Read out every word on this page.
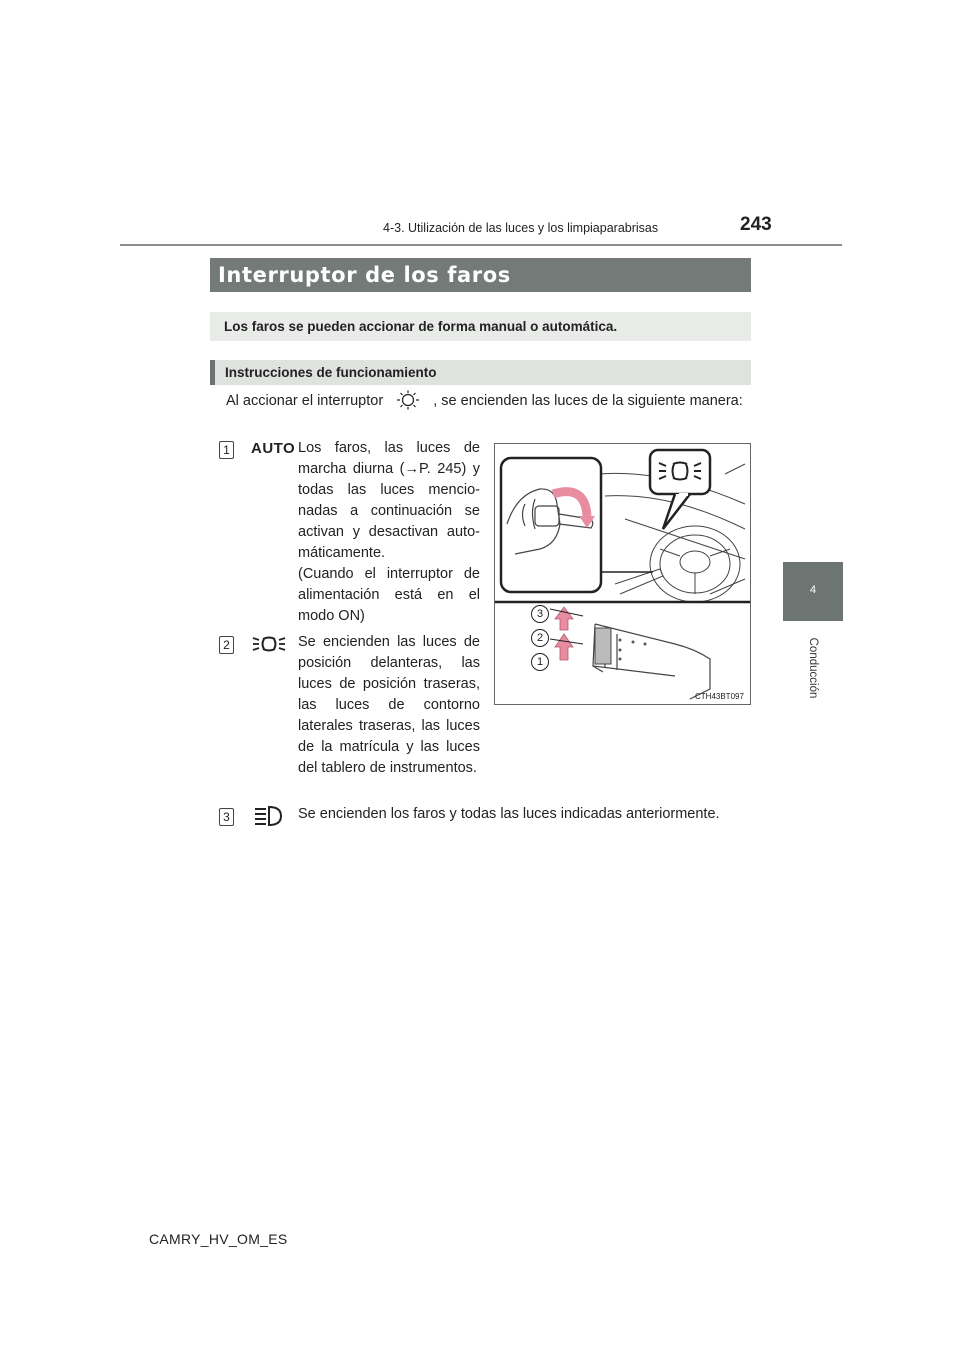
4-3. Utilización de las luces y los limpiaparabrisas	243
4
Conducción
Interruptor de los faros
Los faros se pueden accionar de forma manual o automática.
Instrucciones de funcionamiento
Al accionar el interruptor	, se encienden las luces de la siguiente manera:
1 AUTO Los faros, las luces de marcha diurna (→P. 245) y todas las luces mencionadas a continuación se activan y desactivan automáticamente.
(Cuando el interruptor de alimentación está en el modo ON)
2	Se encienden las luces de posición delanteras, las luces de posición traseras, las luces de contorno laterales traseras, las luces de la matrícula y las luces del tablero de instrumentos.
3	Se encienden los faros y todas las luces indicadas anteriormente.
3
2
1
CTH43BT097
CAMRY_HV_OM_ES
